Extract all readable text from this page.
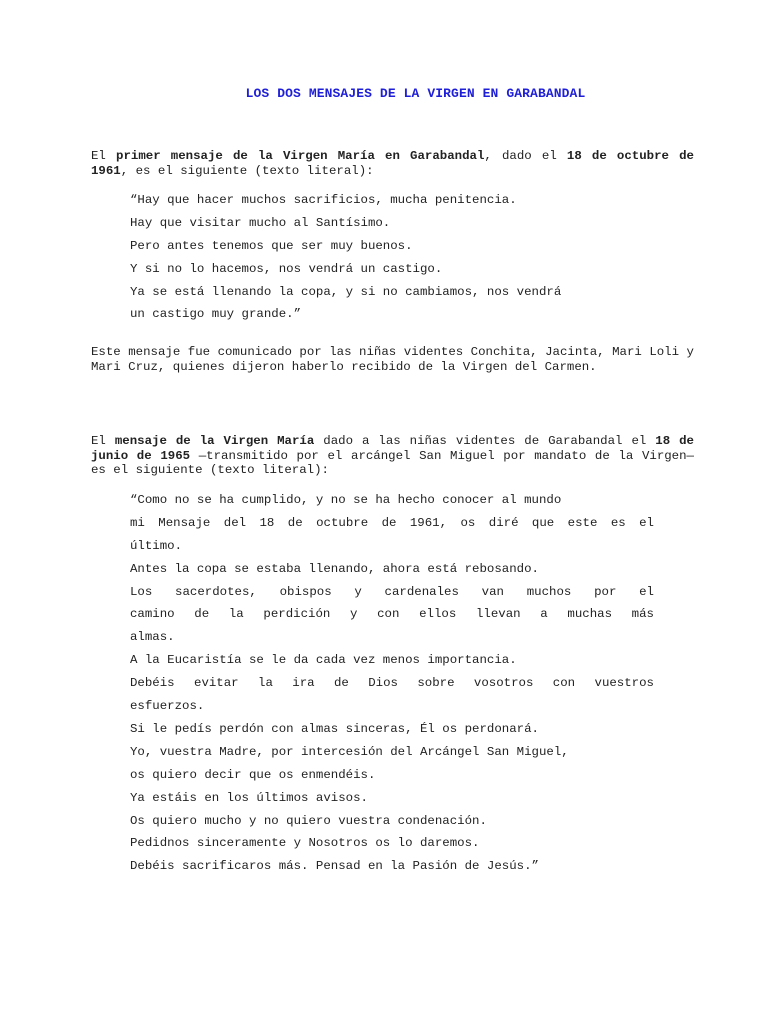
LOS DOS MENSAJES DE LA VIRGEN EN GARABANDAL

El primer mensaje de la Virgen María en Garabandal, dado el 18 de octubre de 1961, es el siguiente (texto literal):

“Hay que hacer muchos sacrificios, mucha penitencia.
Hay que visitar mucho al Santísimo.
Pero antes tenemos que ser muy buenos.
Y si no lo hacemos, nos vendrá un castigo.
Ya se está llenando la copa, y si no cambiamos, nos vendrá
un castigo muy grande.”

Este mensaje fue comunicado por las niñas videntes Conchita, Jacinta, Mari Loli y Mari Cruz, quienes dijeron haberlo recibido de la Virgen del Carmen.

El mensaje de la Virgen María dado a las niñas videntes de Garabandal el 18 de junio de 1965 —transmitido por el arcángel San Miguel por mandato de la Virgen— es el siguiente (texto literal):

“Como no se ha cumplido, y no se ha hecho conocer al mundo
mi Mensaje del 18 de octubre de 1961, os diré que este es el
último.
Antes la copa se estaba llenando, ahora está rebosando.
Los sacerdotes, obispos y cardenales van muchos por el
camino de la perdición y con ellos llevan a muchas más
almas.
A la Eucaristía se le da cada vez menos importancia.
Debéis evitar la ira de Dios sobre vosotros con vuestros
esfuerzos.
Si le pedís perdón con almas sinceras, Él os perdonará.
Yo, vuestra Madre, por intercesión del Arcángel San Miguel,
os quiero decir que os enmendéis.
Ya estáis en los últimos avisos.
Os quiero mucho y no quiero vuestra condenación.
Pedidnos sinceramente y Nosotros os lo daremos.
Debéis sacrificaros más. Pensad en la Pasión de Jesús.”
